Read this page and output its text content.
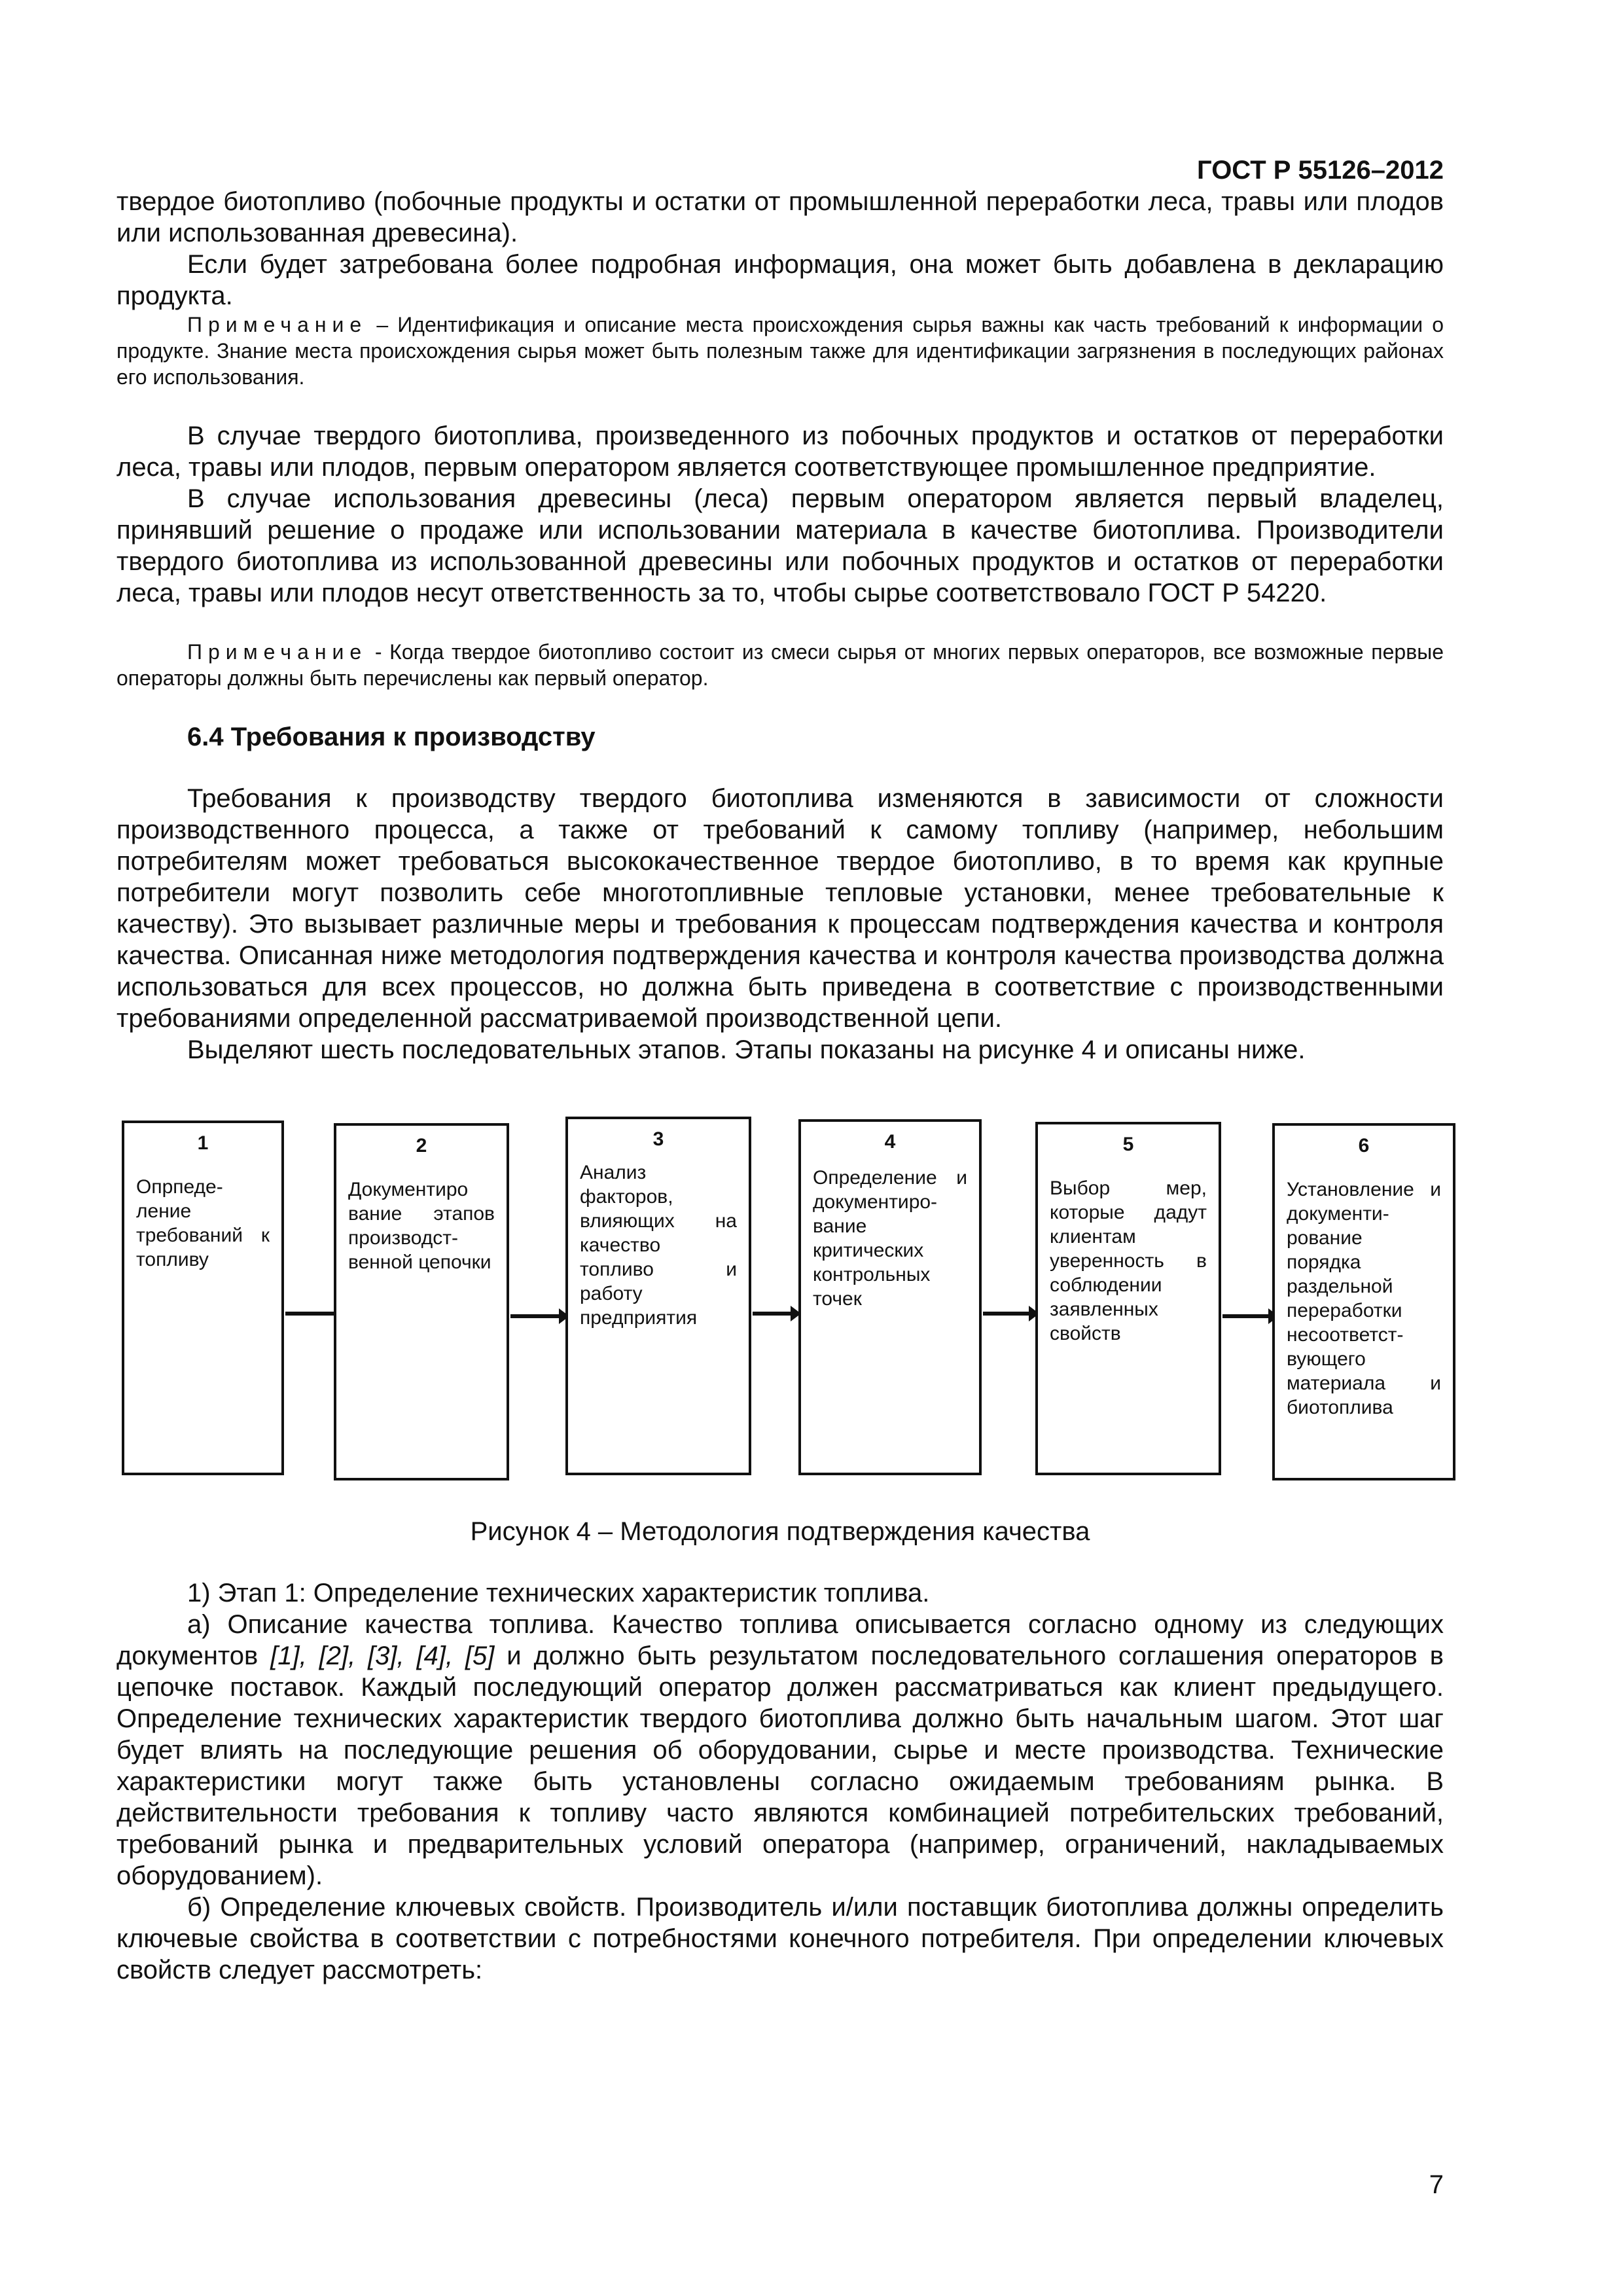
ГОСТ Р 55126–2012

твердое биотопливо (побочные продукты и остатки от промышленной переработки леса, травы или плодов или использованная древесина).

Если будет затребована более подробная информация, она может быть добавлена в декларацию продукта.

Примечание – Идентификация и описание места происхождения сырья важны как часть требований к информации о продукте. Знание места происхождения сырья может быть полезным также для идентификации загрязнения в последующих районах его использования.

В случае твердого биотоплива, произведенного из побочных продуктов и остатков от переработки леса, травы или плодов, первым оператором является соответствующее промышленное предприятие.

В случае использования древесины (леса) первым оператором является первый владелец, принявший решение о продаже или использовании материала в качестве биотоплива. Производители твердого биотоплива из использованной древесины или побочных продуктов и остатков от переработки леса, травы или плодов несут ответственность за то, чтобы сырье соответствовало ГОСТ Р 54220.

Примечание - Когда твердое биотопливо состоит из смеси сырья от многих первых операторов, все возможные первые операторы должны быть перечислены как первый оператор.

6.4 Требования к производству

Требования к производству твердого биотоплива изменяются в зависимости от сложности производственного процесса, а также от требований к самому топливу (например, небольшим потребителям может требоваться высококачественное твердое биотопливо, в то время как крупные потребители могут позволить себе многотопливные тепловые установки, менее требовательные к качеству). Это вызывает различные меры и требования к процессам подтверждения качества и контроля качества. Описанная ниже методология подтверждения качества и контроля качества производства должна использоваться для всех процессов, но должна быть приведена в соответствие с производственными требованиями определенной рассматриваемой производственной цепи.

Выделяют шесть последовательных этапов. Этапы показаны на рисунке 4 и описаны ниже.

1
Опрпеде-ление требований к топливу
2
Документиро вание этапов производст-венной цепочки
3
Анализ факторов, влияющих на качество топливо и работу предприятия
4
Определение и документиро-вание критических контрольных точек
5
Выбор мер, которые дадут клиентам уверенность в соблюдении заявленных свойств
6
Установление и документи-рование порядка раздельной переработки несоответст-вующего материала и биотоплива

Рисунок 4 – Методология подтверждения качества

1) Этап 1: Определение технических характеристик топлива.

а) Описание качества топлива. Качество топлива описывается согласно одному из следующих документов [1], [2], [3], [4], [5] и должно быть результатом последовательного соглашения операторов в цепочке поставок. Каждый последующий оператор должен рассматриваться как клиент предыдущего. Определение технических характеристик твердого биотоплива должно быть начальным шагом. Этот шаг будет влиять на последующие решения об оборудовании, сырье и месте производства. Технические характеристики могут также быть установлены согласно ожидаемым требованиям рынка. В действительности требования к топливу часто являются комбинацией потребительских требований, требований рынка и предварительных условий оператора (например, ограничений, накладываемых оборудованием).

б) Определение ключевых свойств. Производитель и/или поставщик биотоплива должны определить ключевые свойства в соответствии с потребностями конечного потребителя. При определении ключевых свойств следует рассмотреть:

7
